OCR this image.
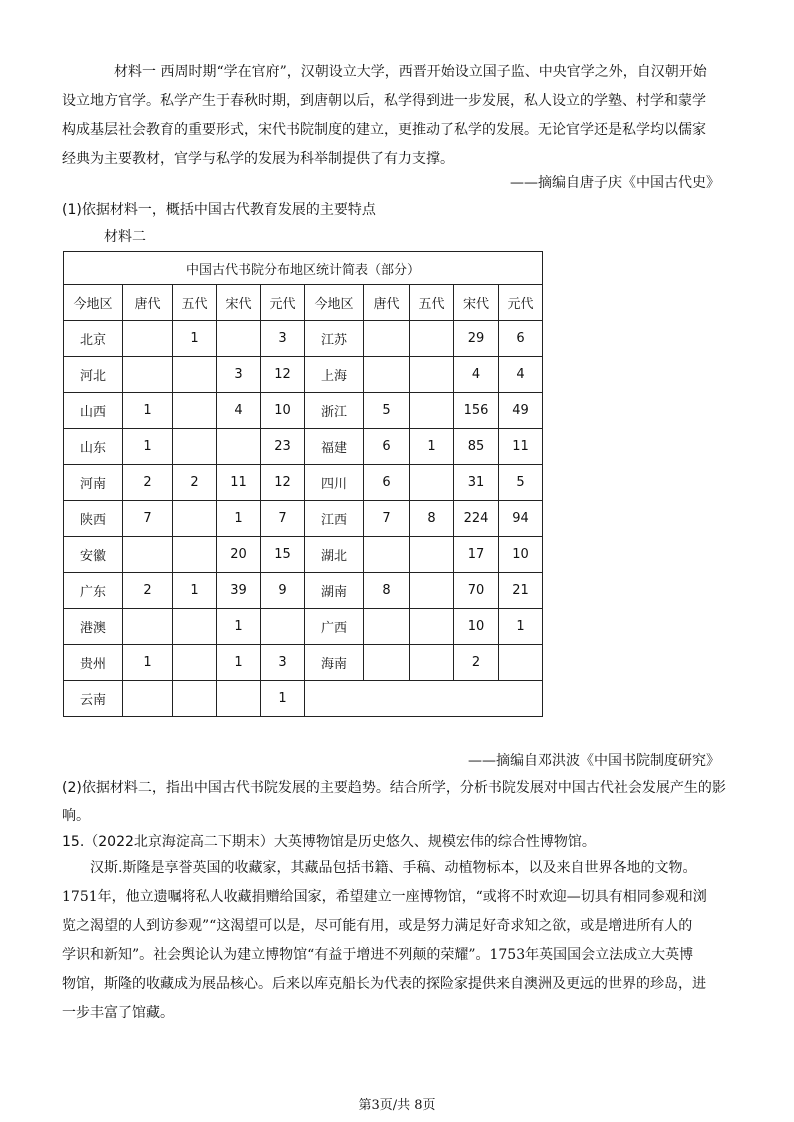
材料一 西周时期“学在官府”，汉朝设立大学，西晋开始设立国子监、中央官学之外，自汉朝开始
设立地方官学。私学产生于春秋时期，到唐朝以后，私学得到进一步发展，私人设立的学塾、村学和蒙学
构成基层社会教育的重要形式，宋代书院制度的建立，更推动了私学的发展。无论官学还是私学均以儒家
经典为主要教材，官学与私学的发展为科举制提供了有力支撑。
——摘编自唐子庆《中国古代史》
(1)依据材料一，概括中国古代教育发展的主要特点
材料二
中国古代书院分布地区统计简表（部分）									
今地区	唐代	五代	宋代	元代	今地区	唐代	五代	宋代	元代
北京		1		3	江苏			29	6
河北			3	12	上海			4	4
山西	1		4	10	浙江	5		156	49
山东	1			23	福建	6	1	85	11
河南	2	2	11	12	四川	6		31	5
陕西	7		1	7	江西	7	8	224	94
安徽			20	15	湖北			17	10
广东	2	1	39	9	湖南	8		70	21
港澳			1		广西			10	1
贵州	1		1	3	海南			2	
云南				1					
——摘编自邓洪波《中国书院制度研究》
(2)依据材料二，指出中国古代书院发展的主要趋势。结合所学，分析书院发展对中国古代社会发展产生的影响。
15.（2022北京海淀高二下期末）大英博物馆是历史悠久、规模宏伟的综合性博物馆。
汉斯.斯隆是享誉英国的收藏家，其藏品包括书籍、手稿、动植物标本，以及来自世界各地的文物。
1751年，他立遗嘱将私人收藏捐赠给国家，希望建立一座博物馆，“或将不时欢迎—切具有相同参观和浏
览之渴望的人到访参观”“这渴望可以是，尽可能有用，或是努力满足好奇求知之欲，或是增进所有人的
学识和新知”。社会舆论认为建立博物馆“有益于增进不列颠的荣耀”。1753年英国国会立法成立大英博
物馆，斯隆的收藏成为展品核心。后来以库克船长为代表的探险家提供来自澳洲及更远的世界的珍岛，进
一步丰富了馆藏。
第3页/共 8页
